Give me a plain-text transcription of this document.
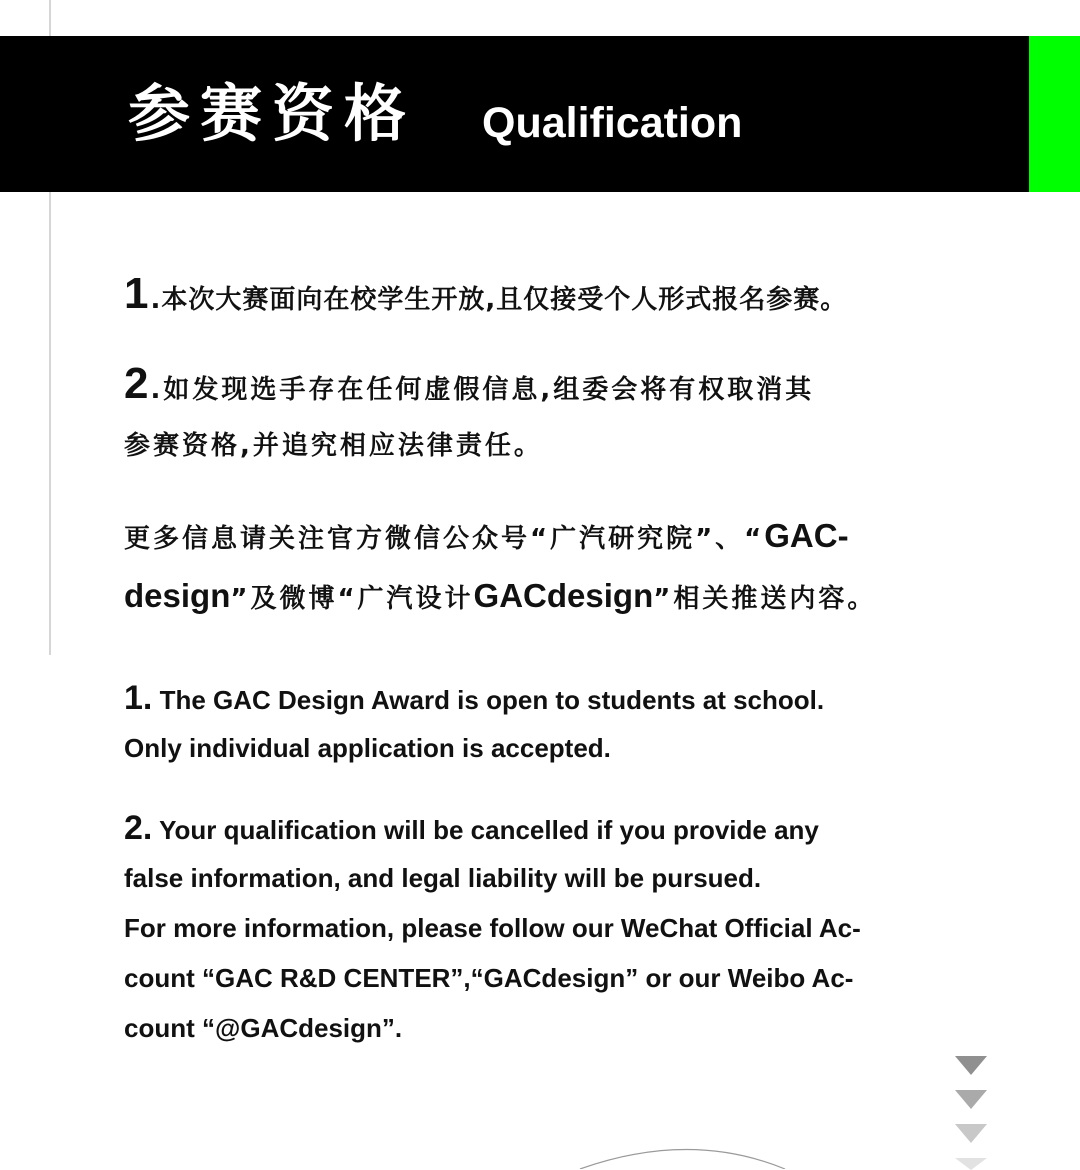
参赛资格 Qualification
1.本次大赛面向在校学生开放,且仅接受个人形式报名参赛。
2.如发现选手存在任何虚假信息,组委会将有权取消其
参赛资格,并追究相应法律责任。
更多信息请关注官方微信公众号“广汽研究院”、“GAC-
design”及微博“广汽设计GACdesign”相关推送内容。
1. The GAC Design Award is open to students at school.
Only individual application is accepted.
2. Your qualification will be cancelled if you provide any
false information, and legal liability will be pursued.
For more information, please follow our WeChat Official Ac-
count “GAC R&D CENTER”,“GACdesign” or our Weibo Ac-
count “@GACdesign”.
